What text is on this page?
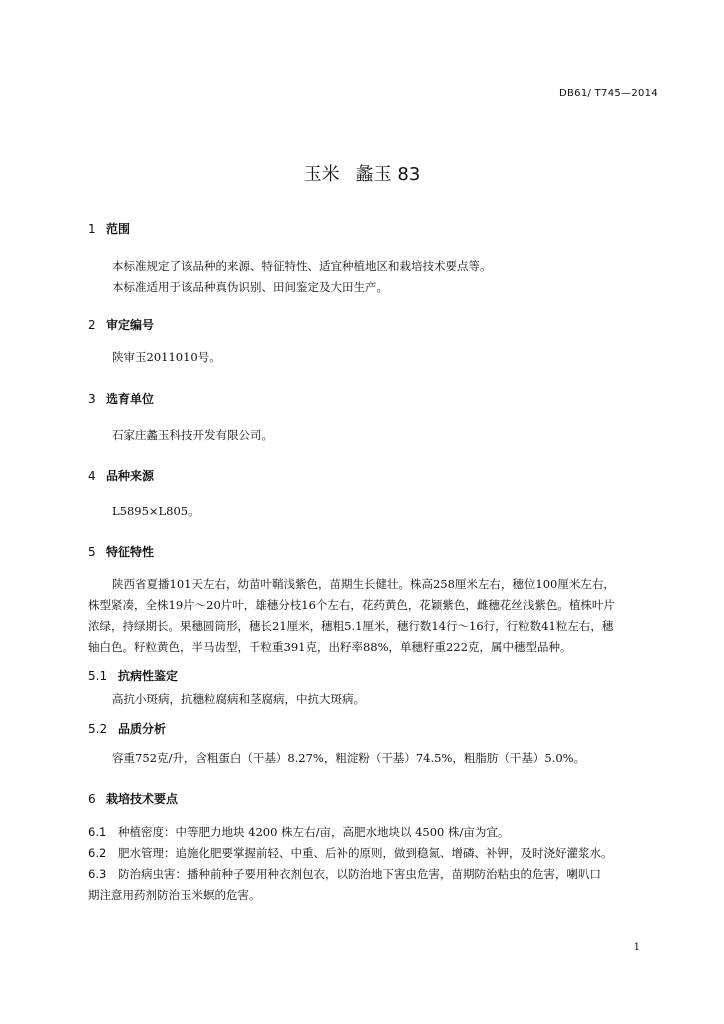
DB61/ T745—2014
玉米 蠡玉 83
1 范围
本标准规定了该品种的来源、特征特性、适宜种植地区和栽培技术要点等。
本标准适用于该品种真伪识别、田间鉴定及大田生产。
2 审定编号
陕审玉2011010号。
3 选育单位
石家庄蠡玉科技开发有限公司。
4 品种来源
L5895×L805。
5 特征特性
陕西省夏播101天左右，幼苗叶鞘浅紫色，苗期生长健壮。株高258厘米左右，穗位100厘米左右，
株型紧凑，全株19片～20片叶，雄穗分枝16个左右，花药黄色，花颖紫色，雌穗花丝浅紫色。植株叶片
浓绿，持绿期长。果穗圆筒形，穗长21厘米，穗粗5.1厘米，穗行数14行～16行，行粒数41粒左右，穗
轴白色。籽粒黄色，半马齿型，千粒重391克，出籽率88%，单穗籽重222克，属中穗型品种。
5.1 抗病性鉴定
高抗小斑病，抗穗粒腐病和茎腐病，中抗大斑病。
5.2 品质分析
容重752克/升，含粗蛋白（干基）8.27%，粗淀粉（干基）74.5%，粗脂肪（干基）5.0%。
6 栽培技术要点
6.1 种植密度：中等肥力地块 4200 株左右/亩，高肥水地块以 4500 株/亩为宜。
6.2 肥水管理：追施化肥要掌握前轻、中重、后补的原则，做到稳氮、增磷、补钾，及时浇好灌浆水。
6.3 防治病虫害：播种前种子要用种衣剂包衣，以防治地下害虫危害，苗期防治粘虫的危害，喇叭口
期注意用药剂防治玉米螟的危害。
1
